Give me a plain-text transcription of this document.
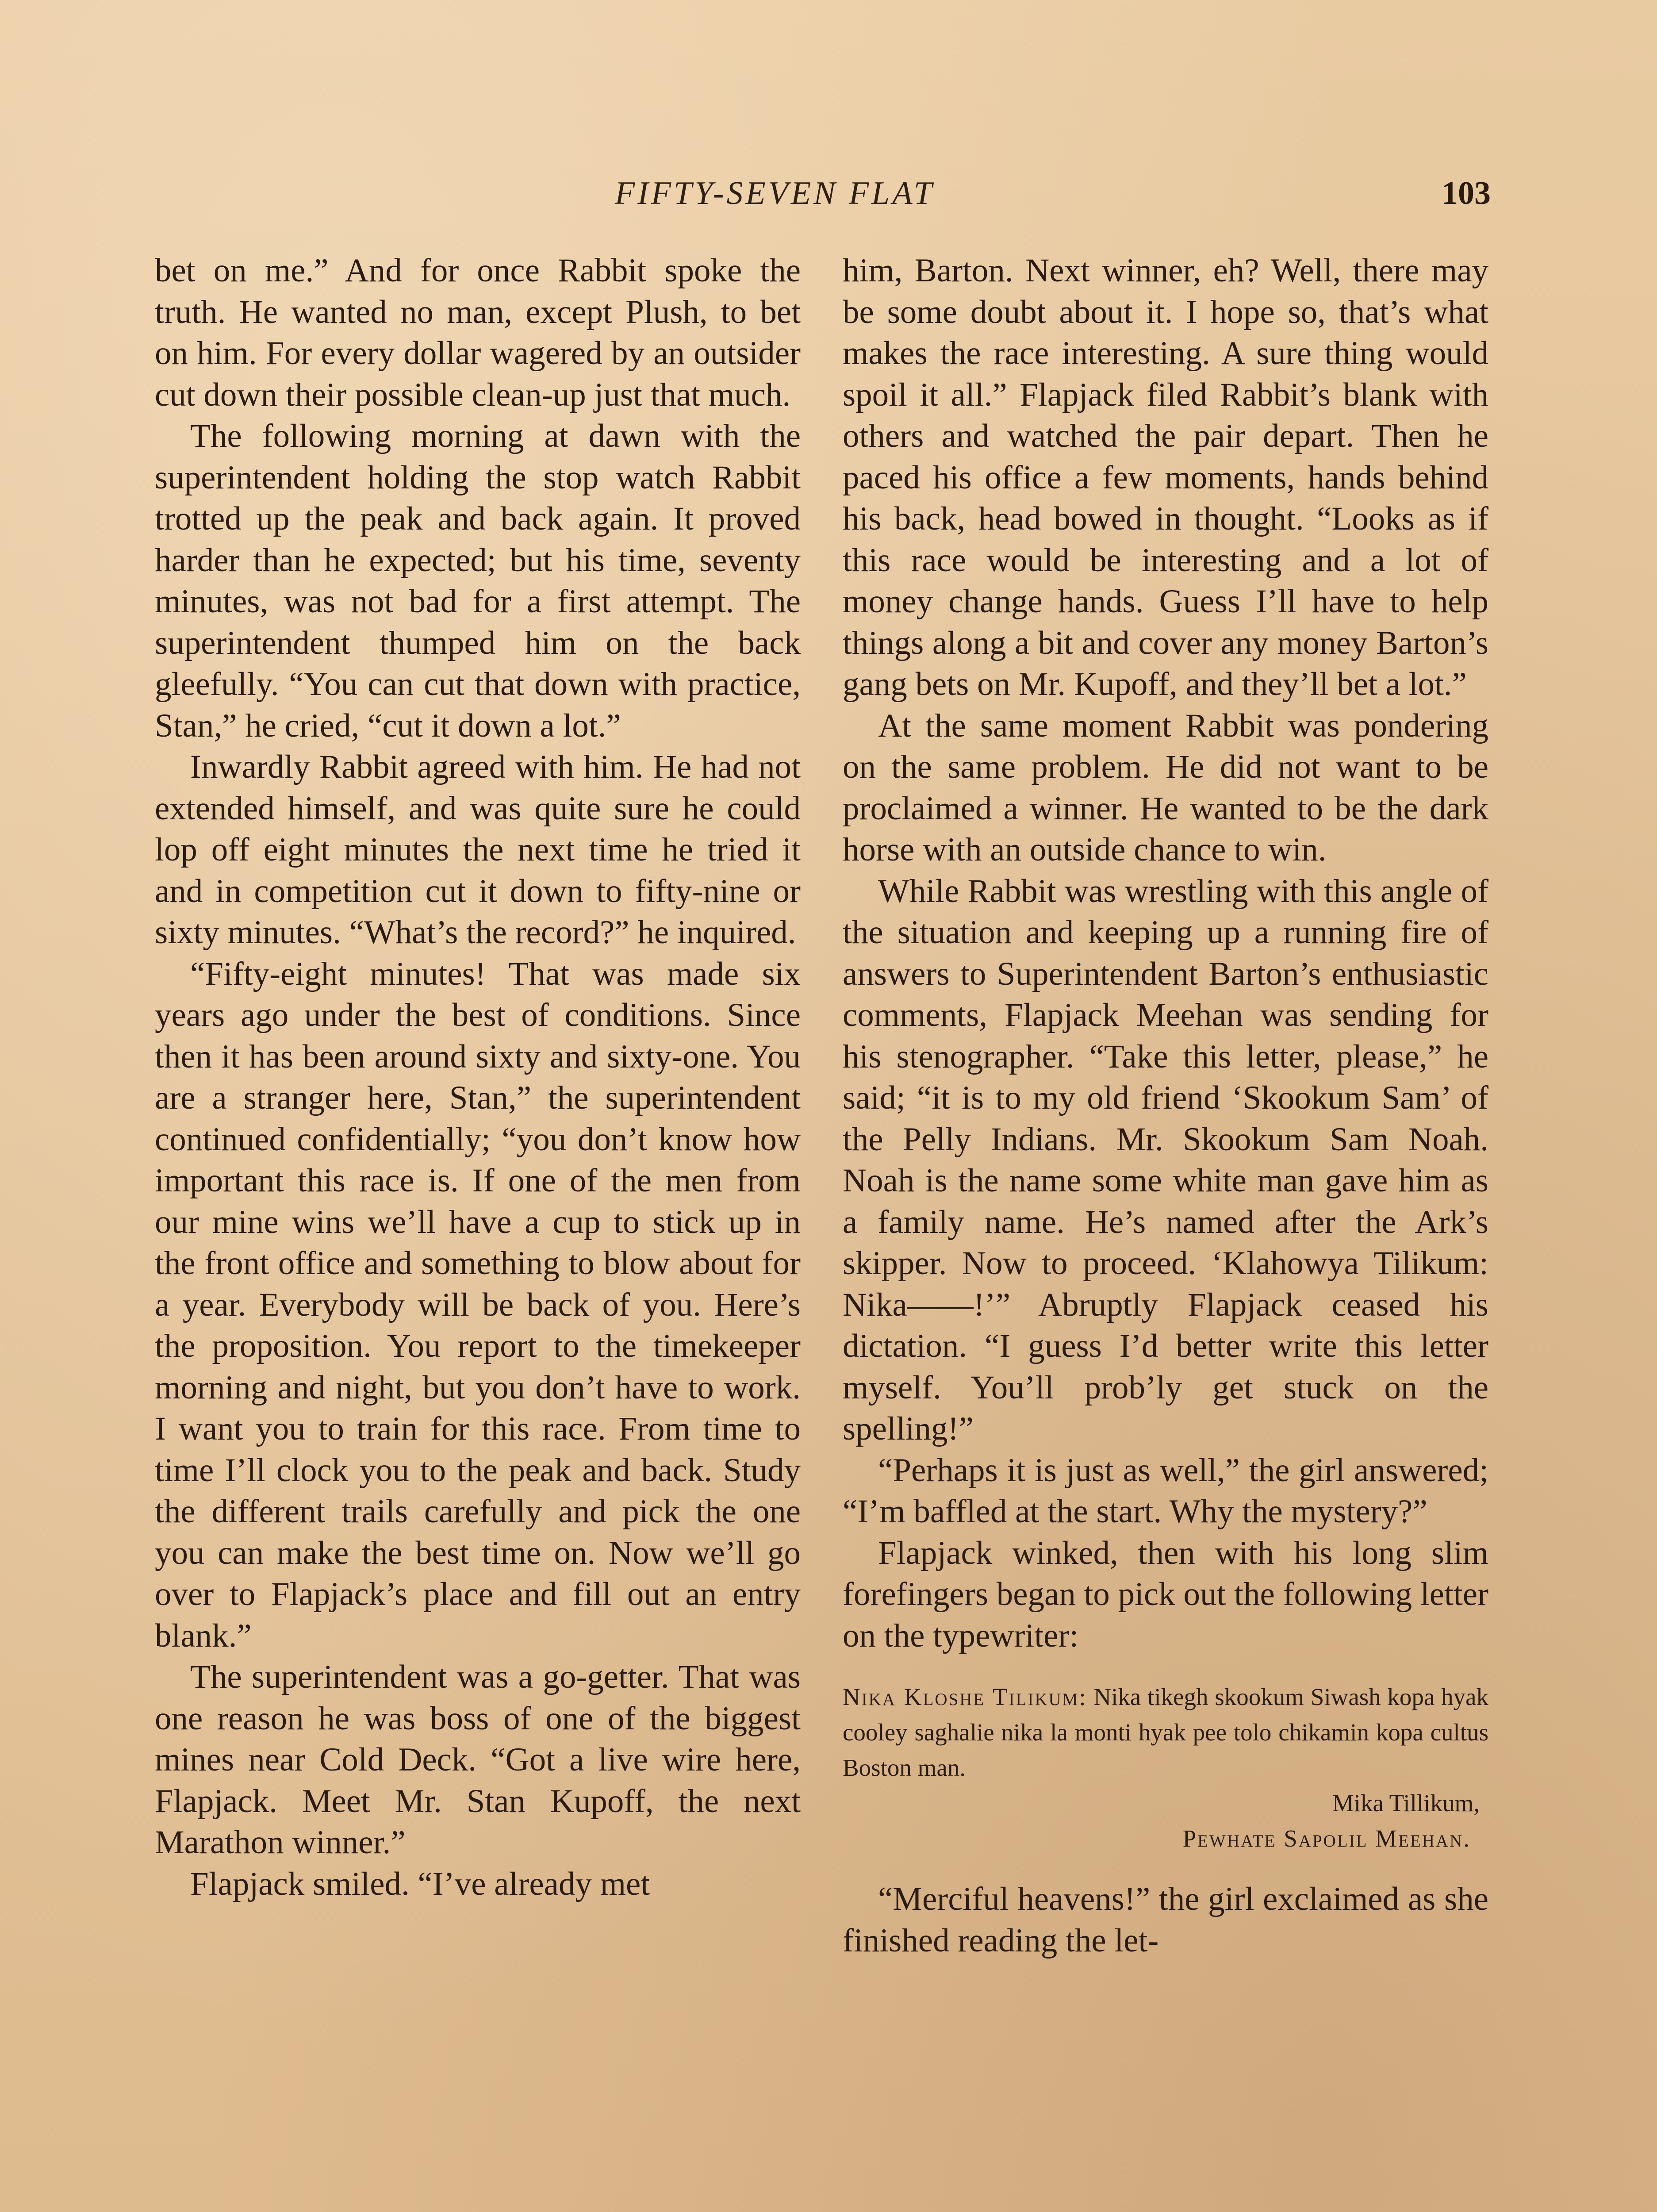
FIFTY-SEVEN FLAT	103

bet on me.” And for once Rabbit spoke the truth. He wanted no man, except Plush, to bet on him. For every dollar wagered by an outsider cut down their possible clean-up just that much.

The following morning at dawn with the superintendent holding the stop watch Rabbit trotted up the peak and back again. It proved harder than he expected; but his time, seventy minutes, was not bad for a first attempt. The superintendent thumped him on the back gleefully. “You can cut that down with practice, Stan,” he cried, “cut it down a lot.”

Inwardly Rabbit agreed with him. He had not extended himself, and was quite sure he could lop off eight minutes the next time he tried it and in competition cut it down to fifty-nine or sixty minutes. “What’s the record?” he inquired.

“Fifty-eight minutes! That was made six years ago under the best of conditions. Since then it has been around sixty and sixty-one. You are a stranger here, Stan,” the superintendent continued confidentially; “you don’t know how important this race is. If one of the men from our mine wins we’ll have a cup to stick up in the front office and something to blow about for a year. Everybody will be back of you. Here’s the proposition. You report to the timekeeper morning and night, but you don’t have to work. I want you to train for this race. From time to time I’ll clock you to the peak and back. Study the different trails carefully and pick the one you can make the best time on. Now we’ll go over to Flapjack’s place and fill out an entry blank.”

The superintendent was a go-getter. That was one reason he was boss of one of the biggest mines near Cold Deck. “Got a live wire here, Flapjack. Meet Mr. Stan Kupoff, the next Marathon winner.”

Flapjack smiled. “I’ve already met

him, Barton. Next winner, eh? Well, there may be some doubt about it. I hope so, that’s what makes the race interesting. A sure thing would spoil it all.” Flapjack filed Rabbit’s blank with others and watched the pair depart. Then he paced his office a few moments, hands behind his back, head bowed in thought. “Looks as if this race would be interesting and a lot of money change hands. Guess I’ll have to help things along a bit and cover any money Barton’s gang bets on Mr. Kupoff, and they’ll bet a lot.”

At the same moment Rabbit was pondering on the same problem. He did not want to be proclaimed a winner. He wanted to be the dark horse with an outside chance to win.

While Rabbit was wrestling with this angle of the situation and keeping up a running fire of answers to Superintendent Barton’s enthusiastic comments, Flapjack Meehan was sending for his stenographer. “Take this letter, please,” he said; “it is to my old friend ‘Skookum Sam’ of the Pelly Indians. Mr. Skookum Sam Noah. Noah is the name some white man gave him as a family name. He’s named after the Ark’s skipper. Now to proceed. ‘Klahowya Tilikum: Nika——!’” Abruptly Flapjack ceased his dictation. “I guess I’d better write this letter myself. You’ll prob’ly get stuck on the spelling!”

“Perhaps it is just as well,” the girl answered; “I’m baffled at the start. Why the mystery?”

Flapjack winked, then with his long slim forefingers began to pick out the following letter on the typewriter:

Nika Kloshe Tilikum: Nika tikegh skookum Siwash kopa hyak cooley saghalie nika la monti hyak pee tolo chikamin kopa cultus Boston man.
Mika Tillikum,
Pewhate Sapolil Meehan.

“Merciful heavens!” the girl exclaimed as she finished reading the let-
